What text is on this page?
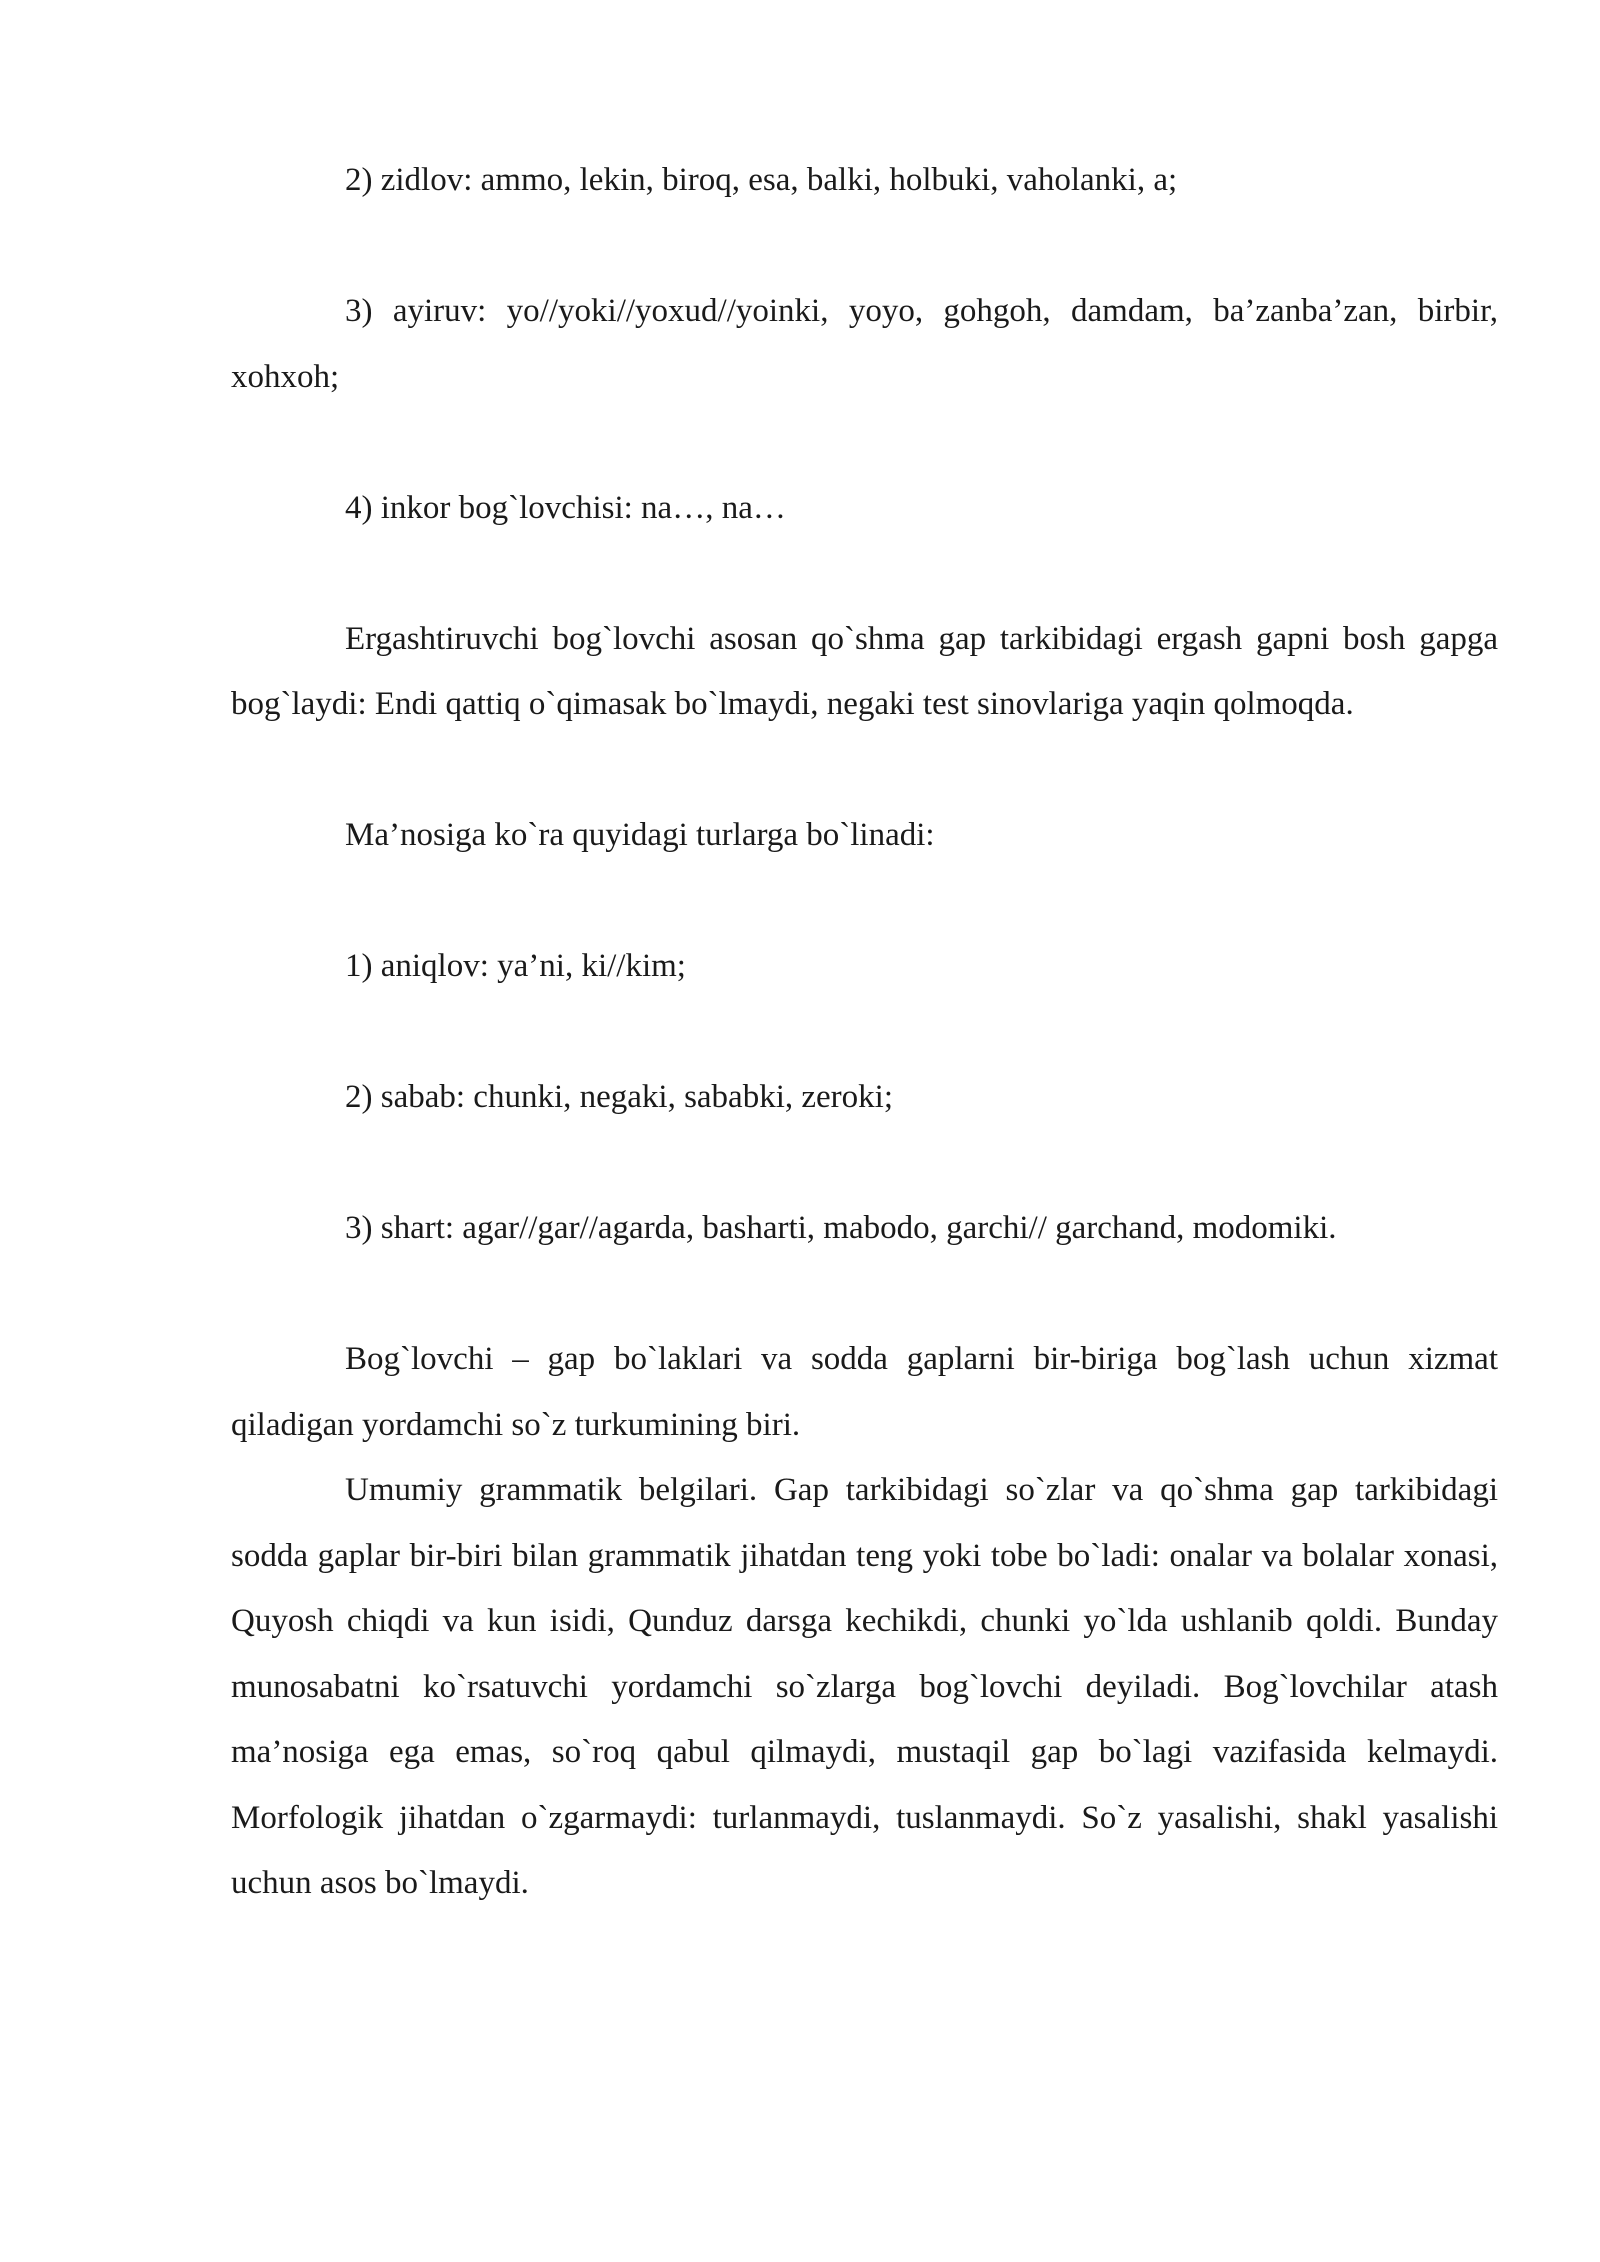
2) zidlov: ammo, lekin, biroq, esa, balki, holbuki, vaholanki, a;

3) ayiruv: yo//yoki//yoxud//yoinki, yoyo, gohgoh, damdam, ba’zanba’zan, birbir, xohxoh;

4) inkor bog`lovchisi: na…, na…

Ergashtiruvchi bog`lovchi asosan qo`shma gap tarkibidagi ergash gapni bosh gapga bog`laydi: Endi qattiq o`qimasak bo`lmaydi, negaki test sinovlariga yaqin qolmoqda.

Ma’nosiga ko`ra quyidagi turlarga bo`linadi:

1) aniqlov: ya’ni, ki//kim;

2) sabab: chunki, negaki, sababki, zeroki;

3) shart: agar//gar//agarda, basharti, mabodo, garchi// garchand, modomiki.

Bog`lovchi – gap bo`laklari va sodda gaplarni bir-biriga bog`lash uchun xizmat qiladigan yordamchi so`z turkumining biri.

Umumiy grammatik belgilari. Gap tarkibidagi so`zlar va qo`shma gap tarkibidagi sodda gaplar bir-biri bilan grammatik jihatdan teng yoki tobe bo`ladi: onalar va bolalar xonasi, Quyosh chiqdi va kun isidi, Qunduz darsga kechikdi, chunki yo`lda ushlanib qoldi. Bunday munosabatni ko`rsatuvchi yordamchi so`zlarga bog`lovchi deyiladi. Bog`lovchilar atash ma’nosiga ega emas, so`roq qabul qilmaydi, mustaqil gap bo`lagi vazifasida kelmaydi. Morfologik jihatdan o`zgarmaydi: turlanmaydi, tuslanmaydi. So`z yasalishi, shakl yasalishi uchun asos bo`lmaydi.
